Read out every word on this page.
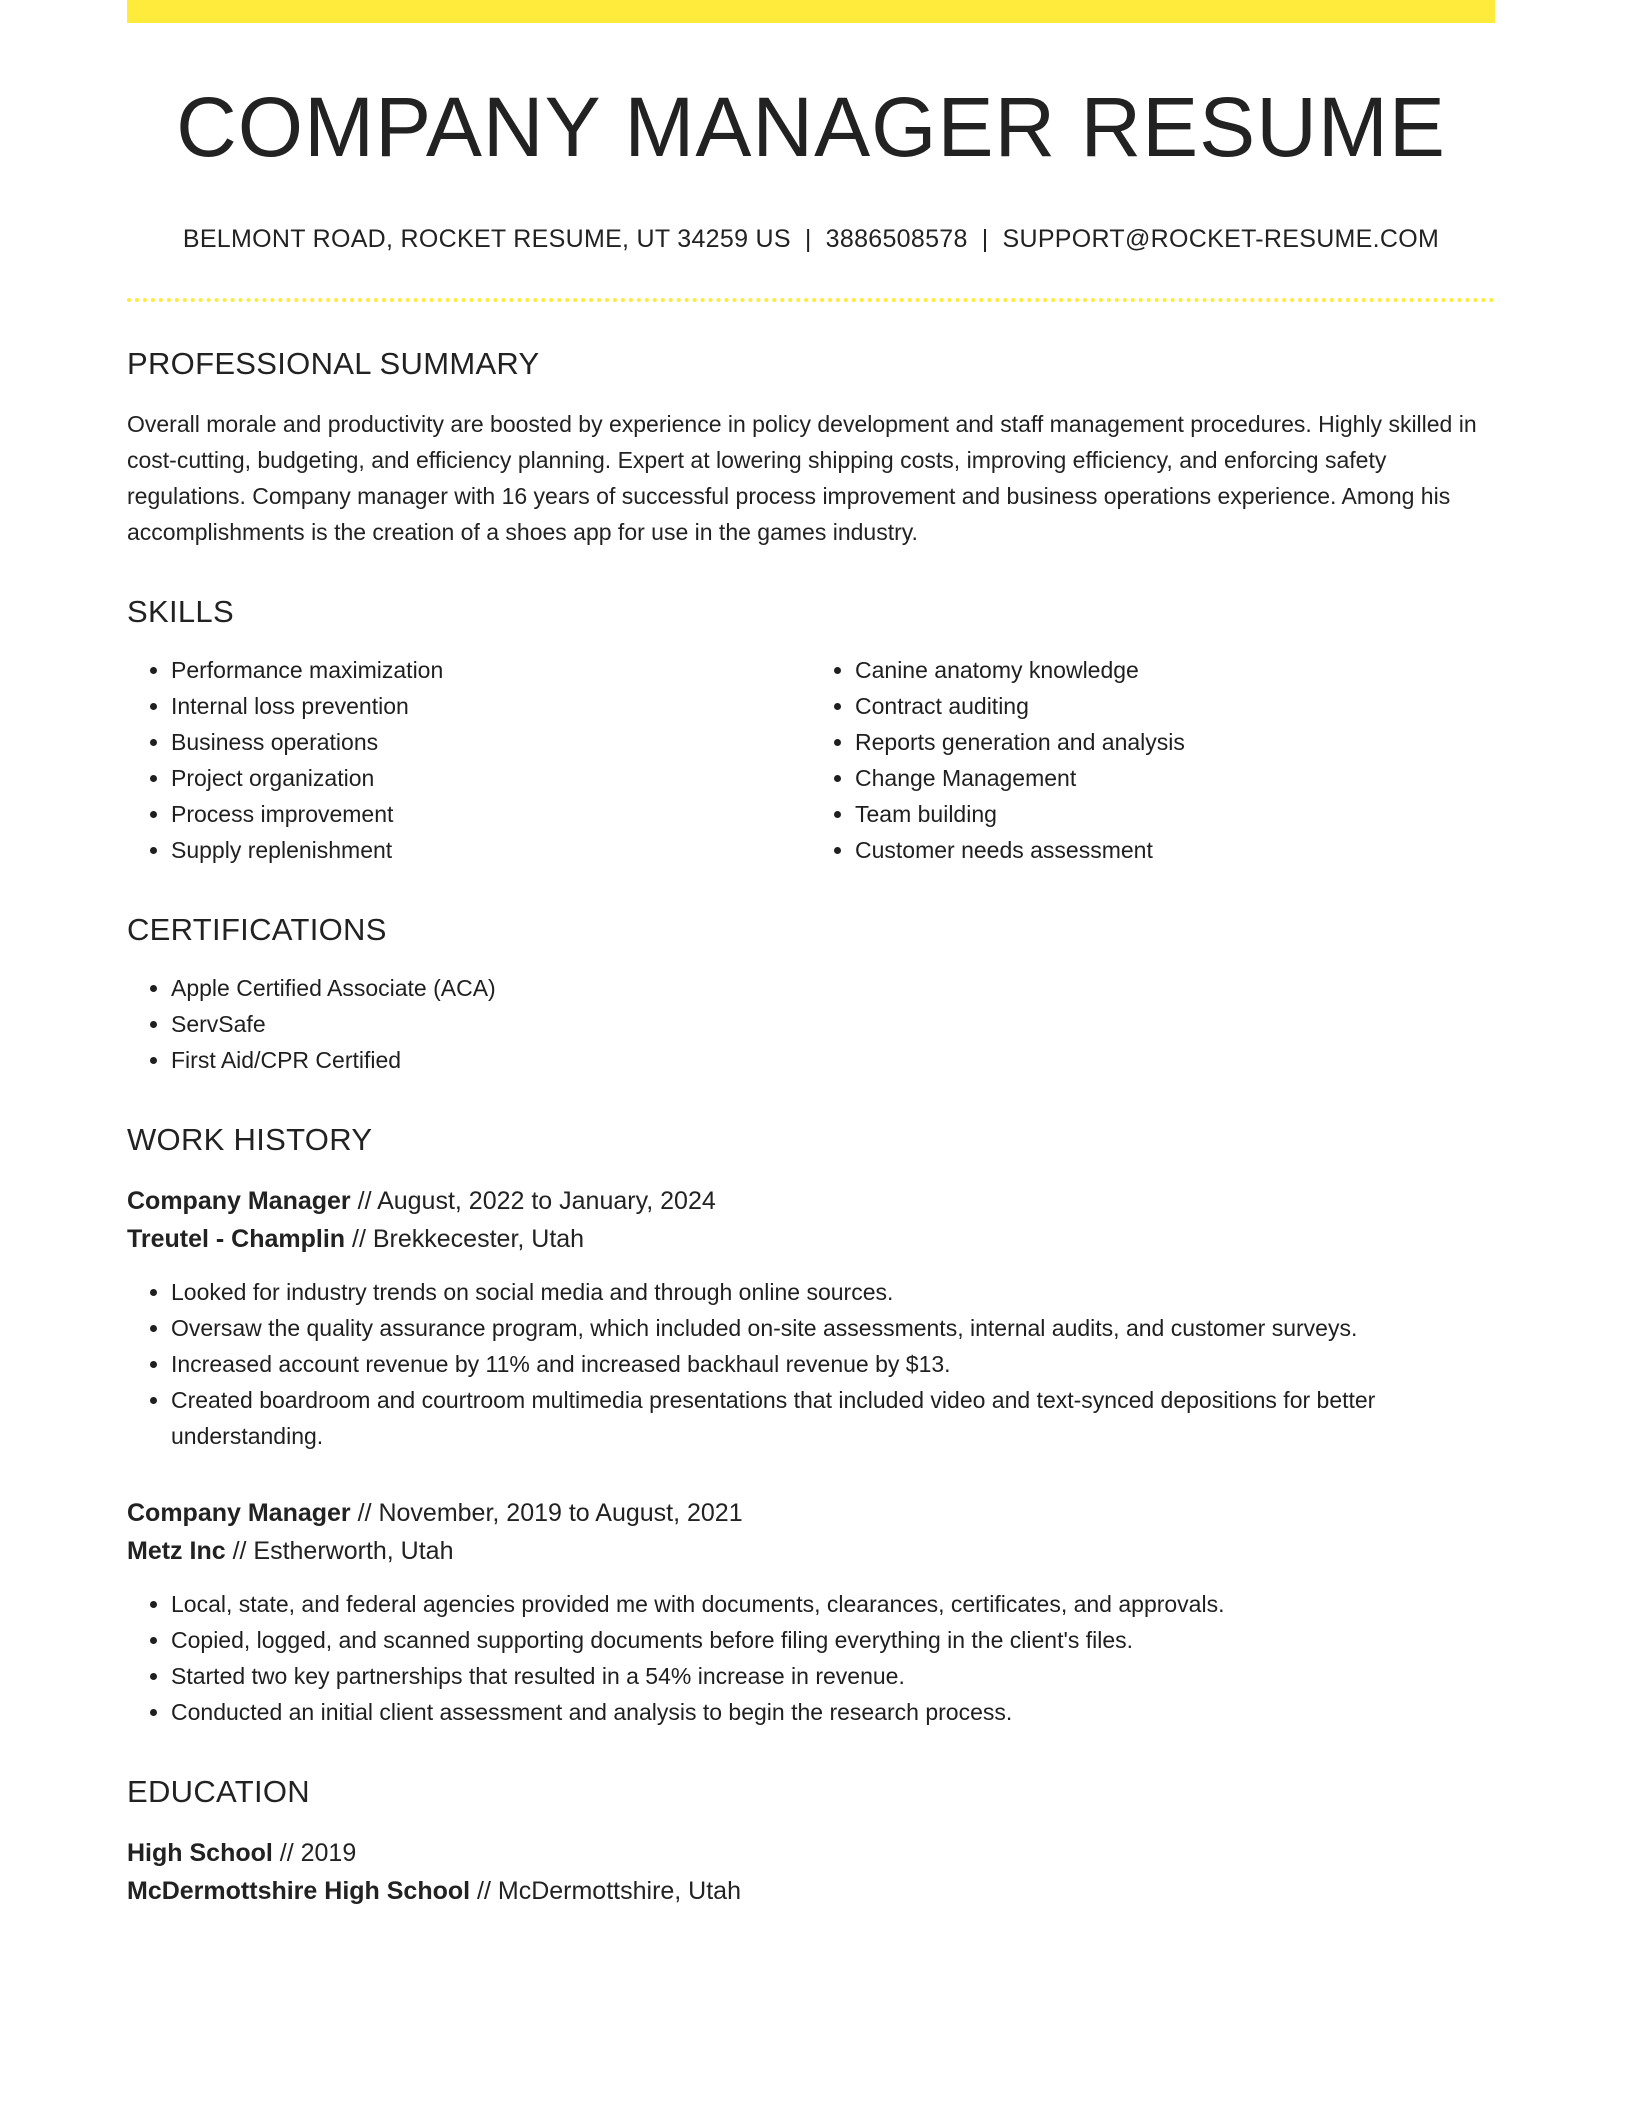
COMPANY MANAGER RESUME
BELMONT ROAD, ROCKET RESUME, UT 34259 US | 3886508578 | SUPPORT@ROCKET-RESUME.COM
PROFESSIONAL SUMMARY
Overall morale and productivity are boosted by experience in policy development and staff management procedures. Highly skilled in cost-cutting, budgeting, and efficiency planning. Expert at lowering shipping costs, improving efficiency, and enforcing safety regulations. Company manager with 16 years of successful process improvement and business operations experience. Among his accomplishments is the creation of a shoes app for use in the games industry.
SKILLS
• Performance maximization
• Internal loss prevention
• Business operations
• Project organization
• Process improvement
• Supply replenishment
• Canine anatomy knowledge
• Contract auditing
• Reports generation and analysis
• Change Management
• Team building
• Customer needs assessment
CERTIFICATIONS
• Apple Certified Associate (ACA)
• ServSafe
• First Aid/CPR Certified
WORK HISTORY
Company Manager // August, 2022 to January, 2024
Treutel - Champlin // Brekkecester, Utah
• Looked for industry trends on social media and through online sources.
• Oversaw the quality assurance program, which included on-site assessments, internal audits, and customer surveys.
• Increased account revenue by 11% and increased backhaul revenue by $13.
• Created boardroom and courtroom multimedia presentations that included video and text-synced depositions for better understanding.
Company Manager // November, 2019 to August, 2021
Metz Inc // Estherworth, Utah
• Local, state, and federal agencies provided me with documents, clearances, certificates, and approvals.
• Copied, logged, and scanned supporting documents before filing everything in the client's files.
• Started two key partnerships that resulted in a 54% increase in revenue.
• Conducted an initial client assessment and analysis to begin the research process.
EDUCATION
High School // 2019
McDermottshire High School // McDermottshire, Utah
